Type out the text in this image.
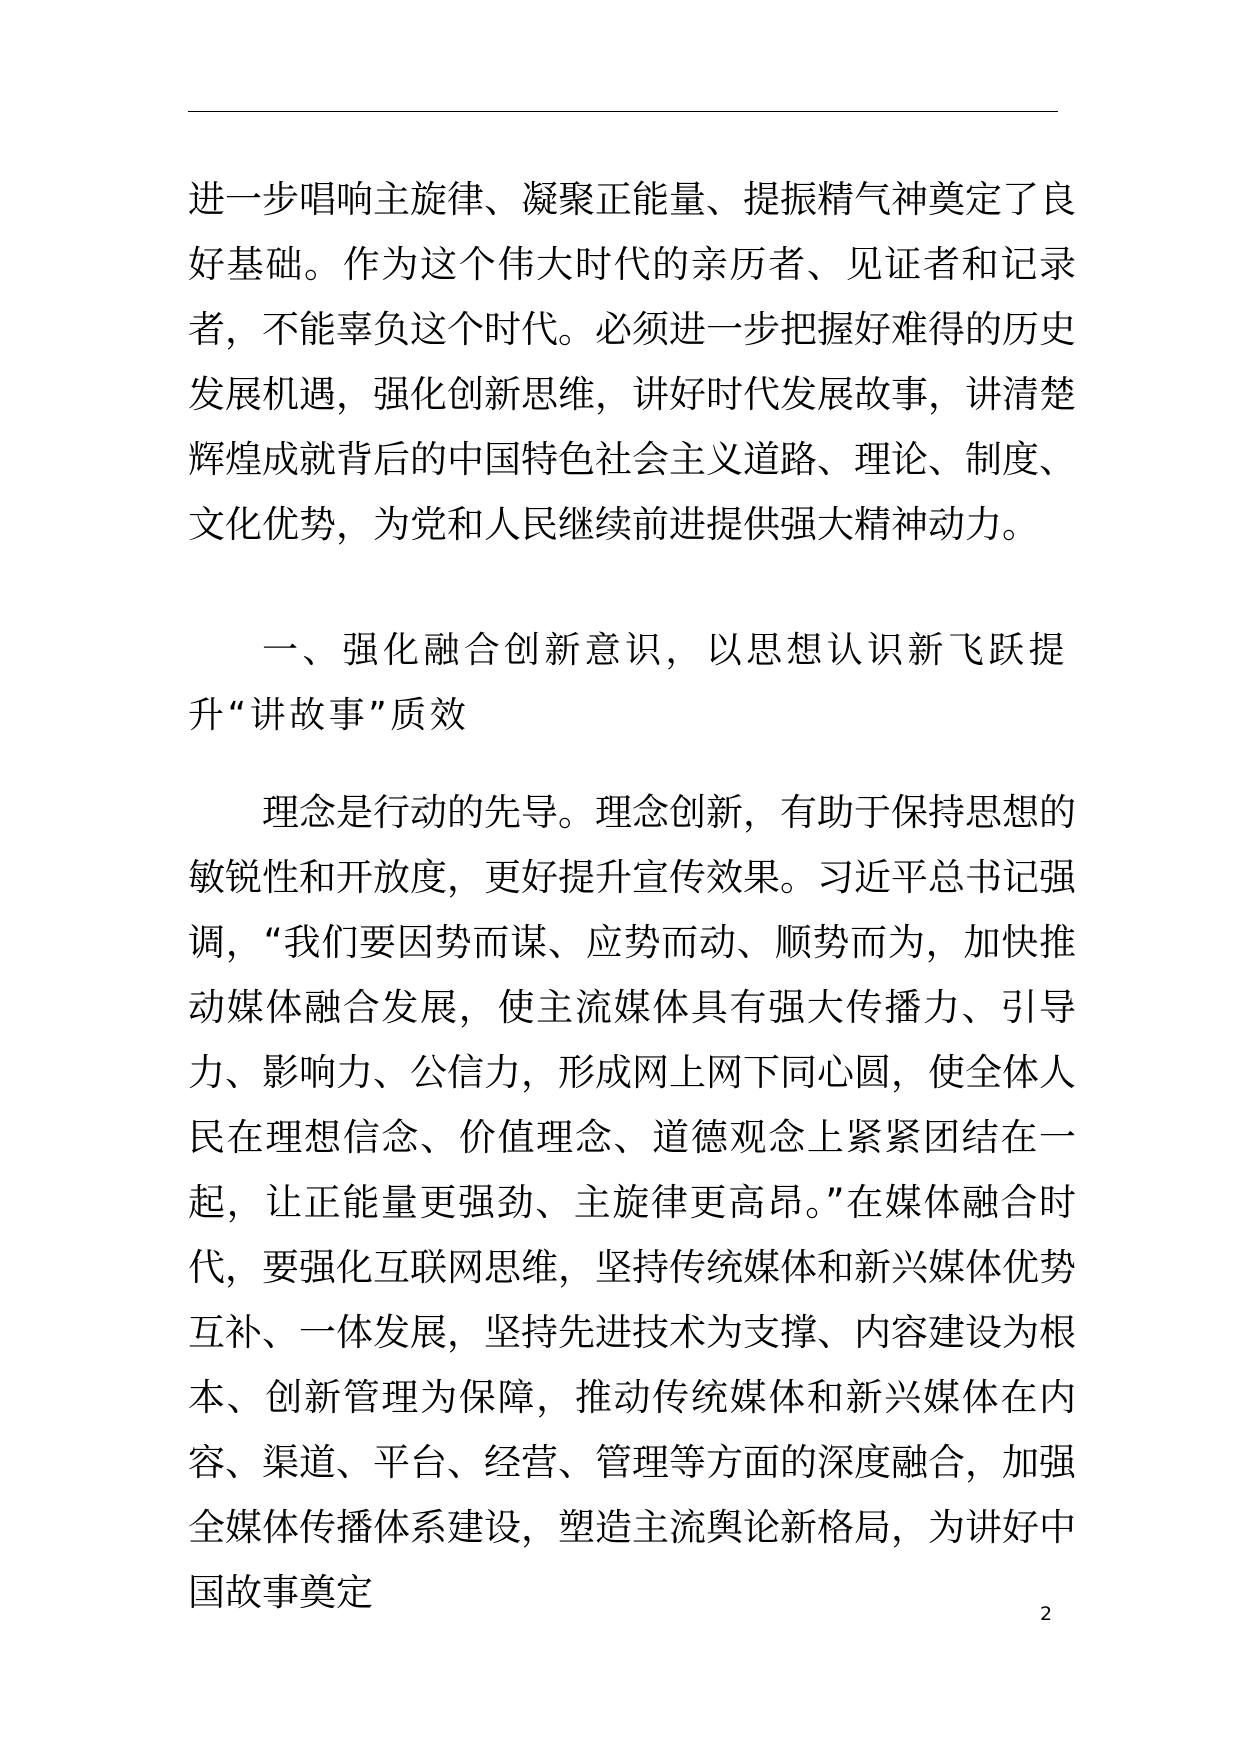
进一步唱响主旋律、凝聚正能量、提振精气神奠定了良好基础。作为这个伟大时代的亲历者、见证者和记录者，不能辜负这个时代。必须进一步把握好难得的历史发展机遇，强化创新思维，讲好时代发展故事，讲清楚辉煌成就背后的中国特色社会主义道路、理论、制度、文化优势，为党和人民继续前进提供强大精神动力。

一、强化融合创新意识，以思想认识新飞跃提升“讲故事”质效

理念是行动的先导。理念创新，有助于保持思想的敏锐性和开放度，更好提升宣传效果。习近平总书记强调，“我们要因势而谋、应势而动、顺势而为，加快推动媒体融合发展，使主流媒体具有强大传播力、引导力、影响力、公信力，形成网上网下同心圆，使全体人民在理想信念、价值理念、道德观念上紧紧团结在一起，让正能量更强劲、主旋律更高昂。”在媒体融合时代，要强化互联网思维，坚持传统媒体和新兴媒体优势互补、一体发展，坚持先进技术为支撑、内容建设为根本、创新管理为保障，推动传统媒体和新兴媒体在内容、渠道、平台、经营、管理等方面的深度融合，加强全媒体传播体系建设，塑造主流舆论新格局，为讲好中国故事奠定	2
